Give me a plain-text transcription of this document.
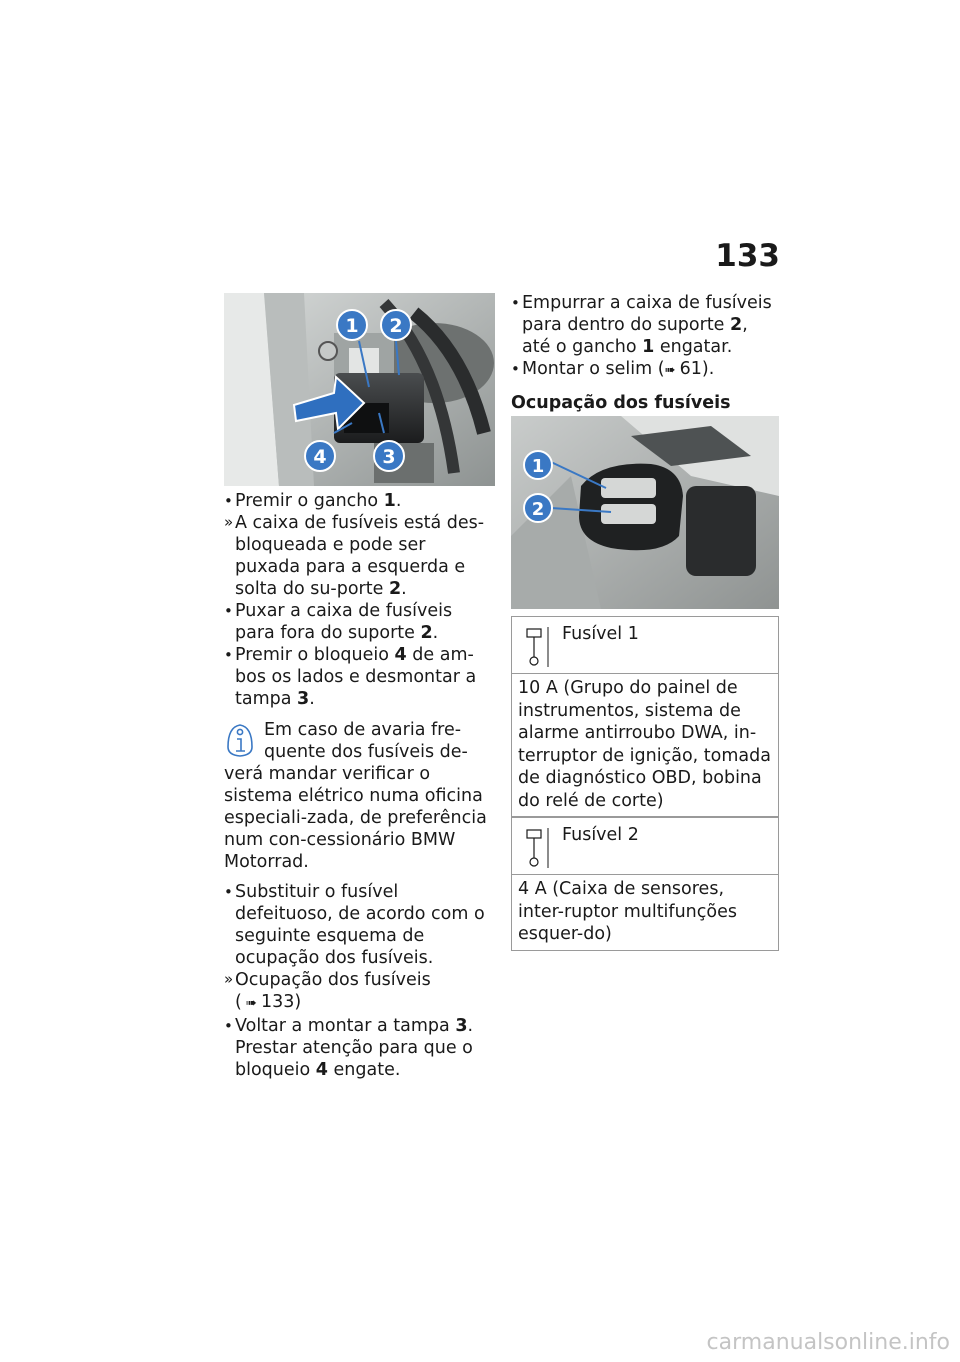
133
1 2
3
4

• Premir o gancho 1.

» A caixa de fusíveis está des-bloqueada e pode ser puxada para a esquerda e solta do su-porte 2.

• Puxar a caixa de fusíveis para fora do suporte 2.

• Premir o bloqueio 4 de am-bos os lados e desmontar a tampa 3.

Em caso de avaria fre-quente dos fusíveis de-verá mandar verificar o sistema elétrico numa oficina especiali-zada, de preferência num con-cessionário BMW Motorrad.

• Substituir o fusível defeituoso, de acordo com o seguinte esquema de ocupação dos fusíveis.

» Ocupação dos fusíveis
( ➠ 133)

• Voltar a montar a tampa 3. Prestar atenção para que o bloqueio 4 engate.

• Empurrar a caixa de fusíveis para dentro do suporte 2, até o gancho 1 engatar.

• Montar o selim (➠ 61).

Ocupação dos fusíveis

1
2
Fusível 1
10 A (Grupo do painel de instrumentos, sistema de alarme antirroubo DWA, in-terruptor de ignição, tomada de diagnóstico OBD, bobina do relé de corte)
Fusível 2
4 A (Caixa de sensores, inter-ruptor multifunções esquer-do)
carmanualsonline.info
